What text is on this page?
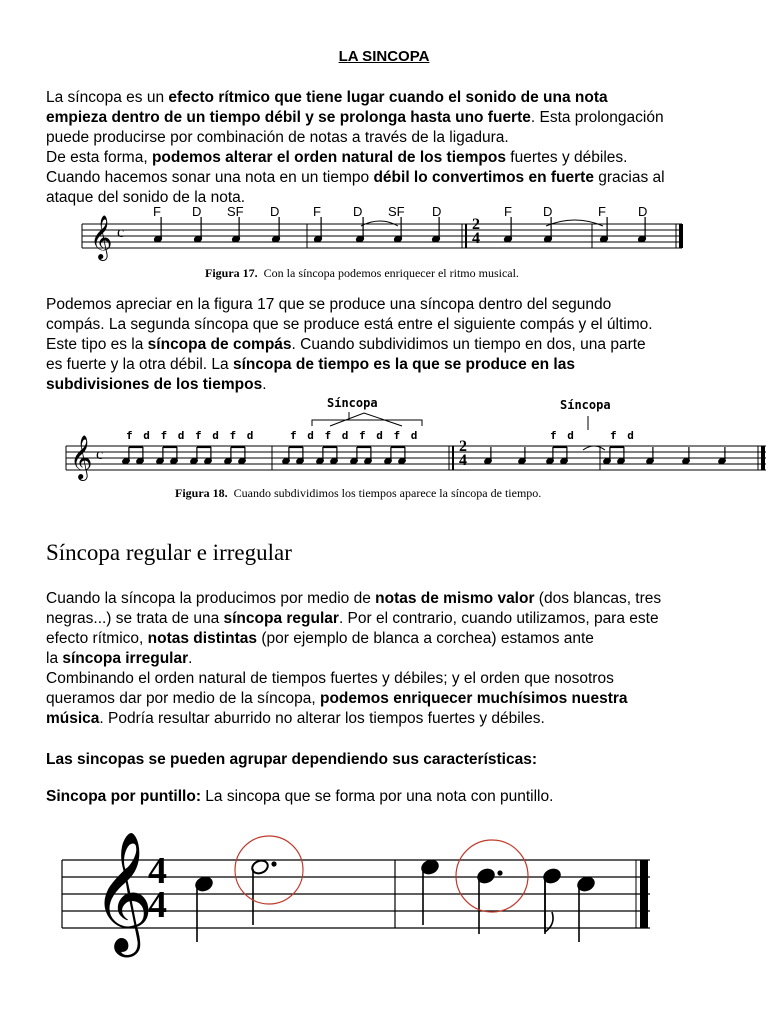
LA SINCOPA
La síncopa es un efecto rítmico que tiene lugar cuando el sonido de una nota
empieza dentro de un tiempo débil y se prolonga hasta uno fuerte. Esta prolongación
puede producirse por combinación de notas a través de la ligadura.
De esta forma, podemos alterar el orden natural de los tiempos fuertes y débiles.
Cuando hacemos sonar una nota en un tiempo débil lo convertimos en fuerte gracias al
ataque del sonido de la nota.
F D SF D	F D SF D	F D	F D
𝄞 c	2
4
Figura 17. Con la síncopa podemos enriquecer el ritmo musical.
Podemos apreciar en la figura 17 que se produce una síncopa dentro del segundo
compás. La segunda síncopa que se produce está entre el siguiente compás y el último.
Este tipo es la síncopa de compás. Cuando subdividimos un tiempo en dos, una parte
es fuerte y la otra débil. La síncopa de tiempo es la que se produce en las
subdivisiones de los tiempos.
Síncopa	Síncopa
f d f d f d f d	f d f d f d f d	f d	f d
𝄞 c	2
4
Figura 18. Cuando subdividimos los tiempos aparece la síncopa de tiempo.
Síncopa regular e irregular
Cuando la síncopa la producimos por medio de notas de mismo valor (dos blancas, tres
negras...) se trata de una síncopa regular. Por el contrario, cuando utilizamos, para este
efecto rítmico, notas distintas (por ejemplo de blanca a corchea) estamos ante
la síncopa irregular.
Combinando el orden natural de tiempos fuertes y débiles; y el orden que nosotros
queramos dar por medio de la síncopa, podemos enriquecer muchísimos nuestra
música. Podría resultar aburrido no alterar los tiempos fuertes y débiles.
Las sincopas se pueden agrupar dependiendo sus características:
Sincopa por puntillo: La sincopa que se forma por una nota con puntillo.
𝄞
4
4
